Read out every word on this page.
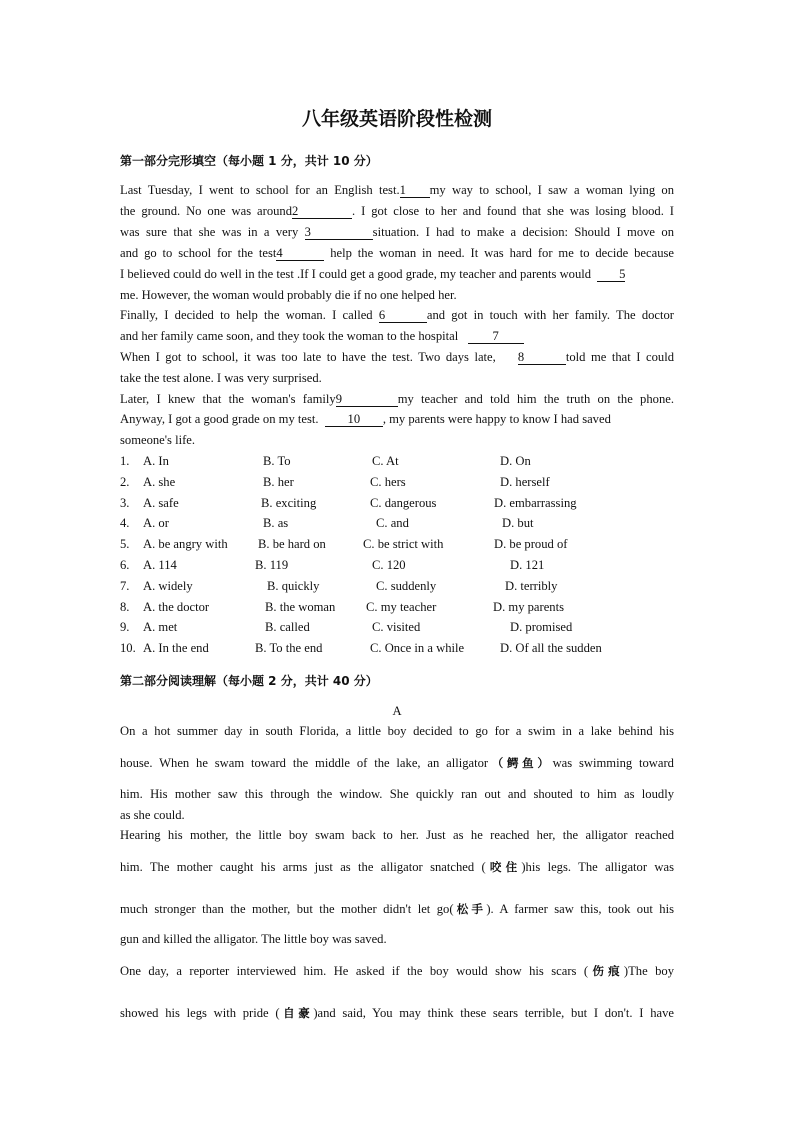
八年级英语阶段性检测
第一部分完形填空（每小题 1 分，共计 10 分）
Last Tuesday, I went to school for an English test.1 my way to school, I saw a woman lying on
the ground. No one was around2	. I got close to her and found that she was losing blood. I
was sure that she was in a very 3	situation. I had to make a decision: Should I move on
and go to school for the test4	help the woman in need. It was hard for me to decide because
I believed could do well in the test .If I could get a good grade, my teacher and parents would 5
me. However, the woman would probably die if no one helped her.
Finally, I decided to help the woman. I called 6	and got in touch with her family. The doctor
and her family came soon, and they took the woman to the hospital	7
When I got to school, it was too late to have the test. Two days late, 8	told me that I could
take the test alone. I was very surprised.
Later, I knew that the woman's family9	my teacher and told him the truth on the phone.
Anyway, I got a good grade on my test. 10 , my parents were happy to know I had saved
someone's life.
1. A. In	B. To	C. At	D. On
2. A. she	B. her	C. hers	D. herself
3. A. safe	B. exciting	C. dangerous	D. embarrassing
4. A. or	B. as	C. and	D. but
5. A. be angry with B. be hard on	C. be strict with	D. be proud of
6. A. 114	B. 119	C. 120	D. 121
7. A. widely	B. quickly	C. suddenly	D. terribly
8. A. the doctor	B. the woman C. my teacher	D. my parents
9. A. met	B. called	C. visited	D. promised
10. A. In the end	B. To the end	C. Once in a while	D. Of all the sudden
第二部分阅读理解（每小题 2 分，共计 40 分）
A
On a hot summer day in south Florida, a little boy decided to go for a swim in a lake behind his
house. When he swam toward the middle of the lake, an alligator（鳄鱼）was swimming toward
him. His mother saw this through the window. She quickly ran out and shouted to him as loudly
as she could.
Hearing his mother, the little boy swam back to her. Just as he reached her, the alligator reached
him. The mother caught his arms just as the alligator snatched (咬住)his legs. The alligator was
much stronger than the mother, but the mother didn't let go(松手). A farmer saw this, took out his
gun and killed the alligator. The little boy was saved.
One day, a reporter interviewed him. He asked if the boy would show his scars (伤痕)The boy
showed his legs with pride (自豪)and said, You may think these sears terrible, but I don't. I have
